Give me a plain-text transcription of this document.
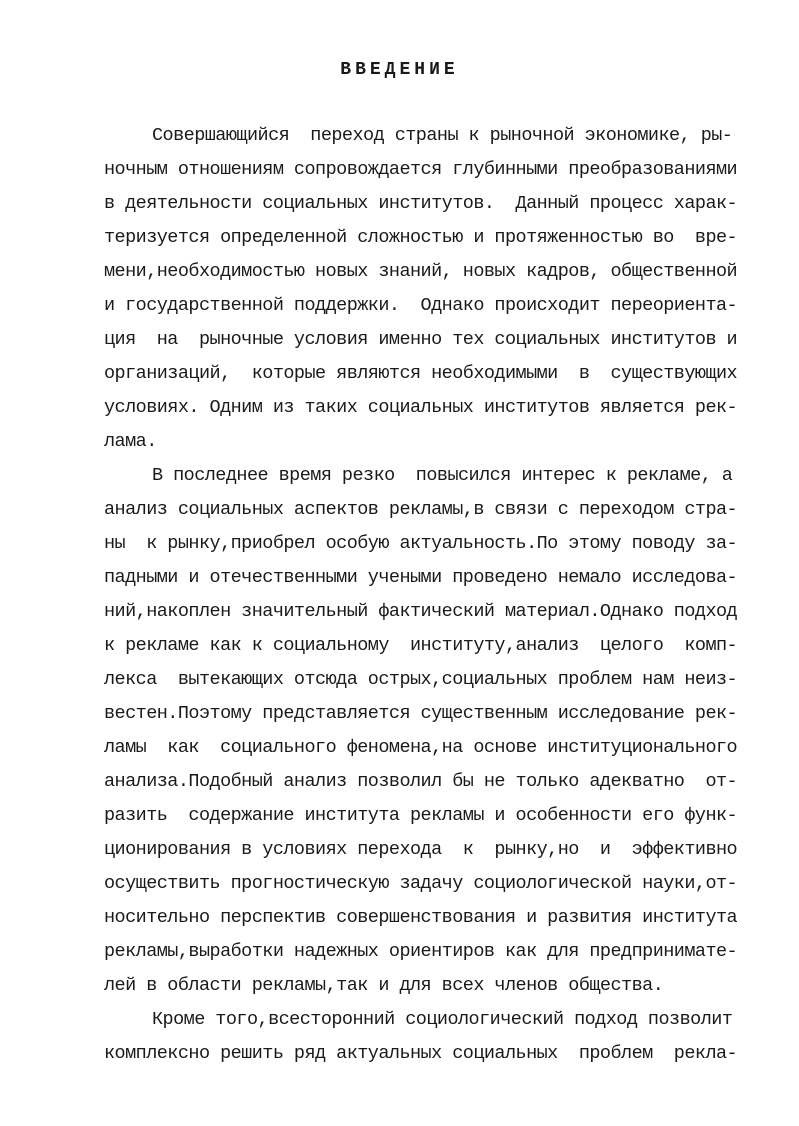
ВВЕДЕНИЕ
Совершающийся  переход страны к рыночной экономике, ры-
ночным отношениям сопровождается глубинными преобразованиями
в деятельности социальных институтов.  Данный процесс харак-
теризуется определенной сложностью и протяженностью во  вре-
мени,необходимостью новых знаний, новых кадров, общественной
и государственной поддержки.  Однако происходит переориента-
ция  на  рыночные условия именно тех социальных институтов и
организаций,  которые являются необходимыми  в  существующих
условиях. Одним из таких социальных институтов является рек-
лама.
В последнее время резко  повысился интерес к рекламе, а
анализ социальных аспектов рекламы,в связи с переходом стра-
ны  к рынку,приобрел особую актуальность.По этому поводу за-
падными и отечественными учеными проведено немало исследова-
ний,накоплен значительный фактический материал.Однако подход
к рекламе как к социальному  институту,анализ  целого  комп-
лекса  вытекающих отсюда острых,социальных проблем нам неиз-
вестен.Поэтому представляется существенным исследование рек-
ламы  как  социального феномена,на основе институционального
анализа.Подобный анализ позволил бы не только адекватно  от-
разить  содержание института рекламы и особенности его функ-
ционирования в условиях перехода  к  рынку,но  и  эффективно
осуществить прогностическую задачу социологической науки,от-
носительно перспектив совершенствования и развития института
рекламы,выработки надежных ориентиров как для предпринимате-
лей в области рекламы,так и для всех членов общества.
Кроме того,всесторонний социологический подход позволит
комплексно решить ряд актуальных социальных  проблем  рекла-
